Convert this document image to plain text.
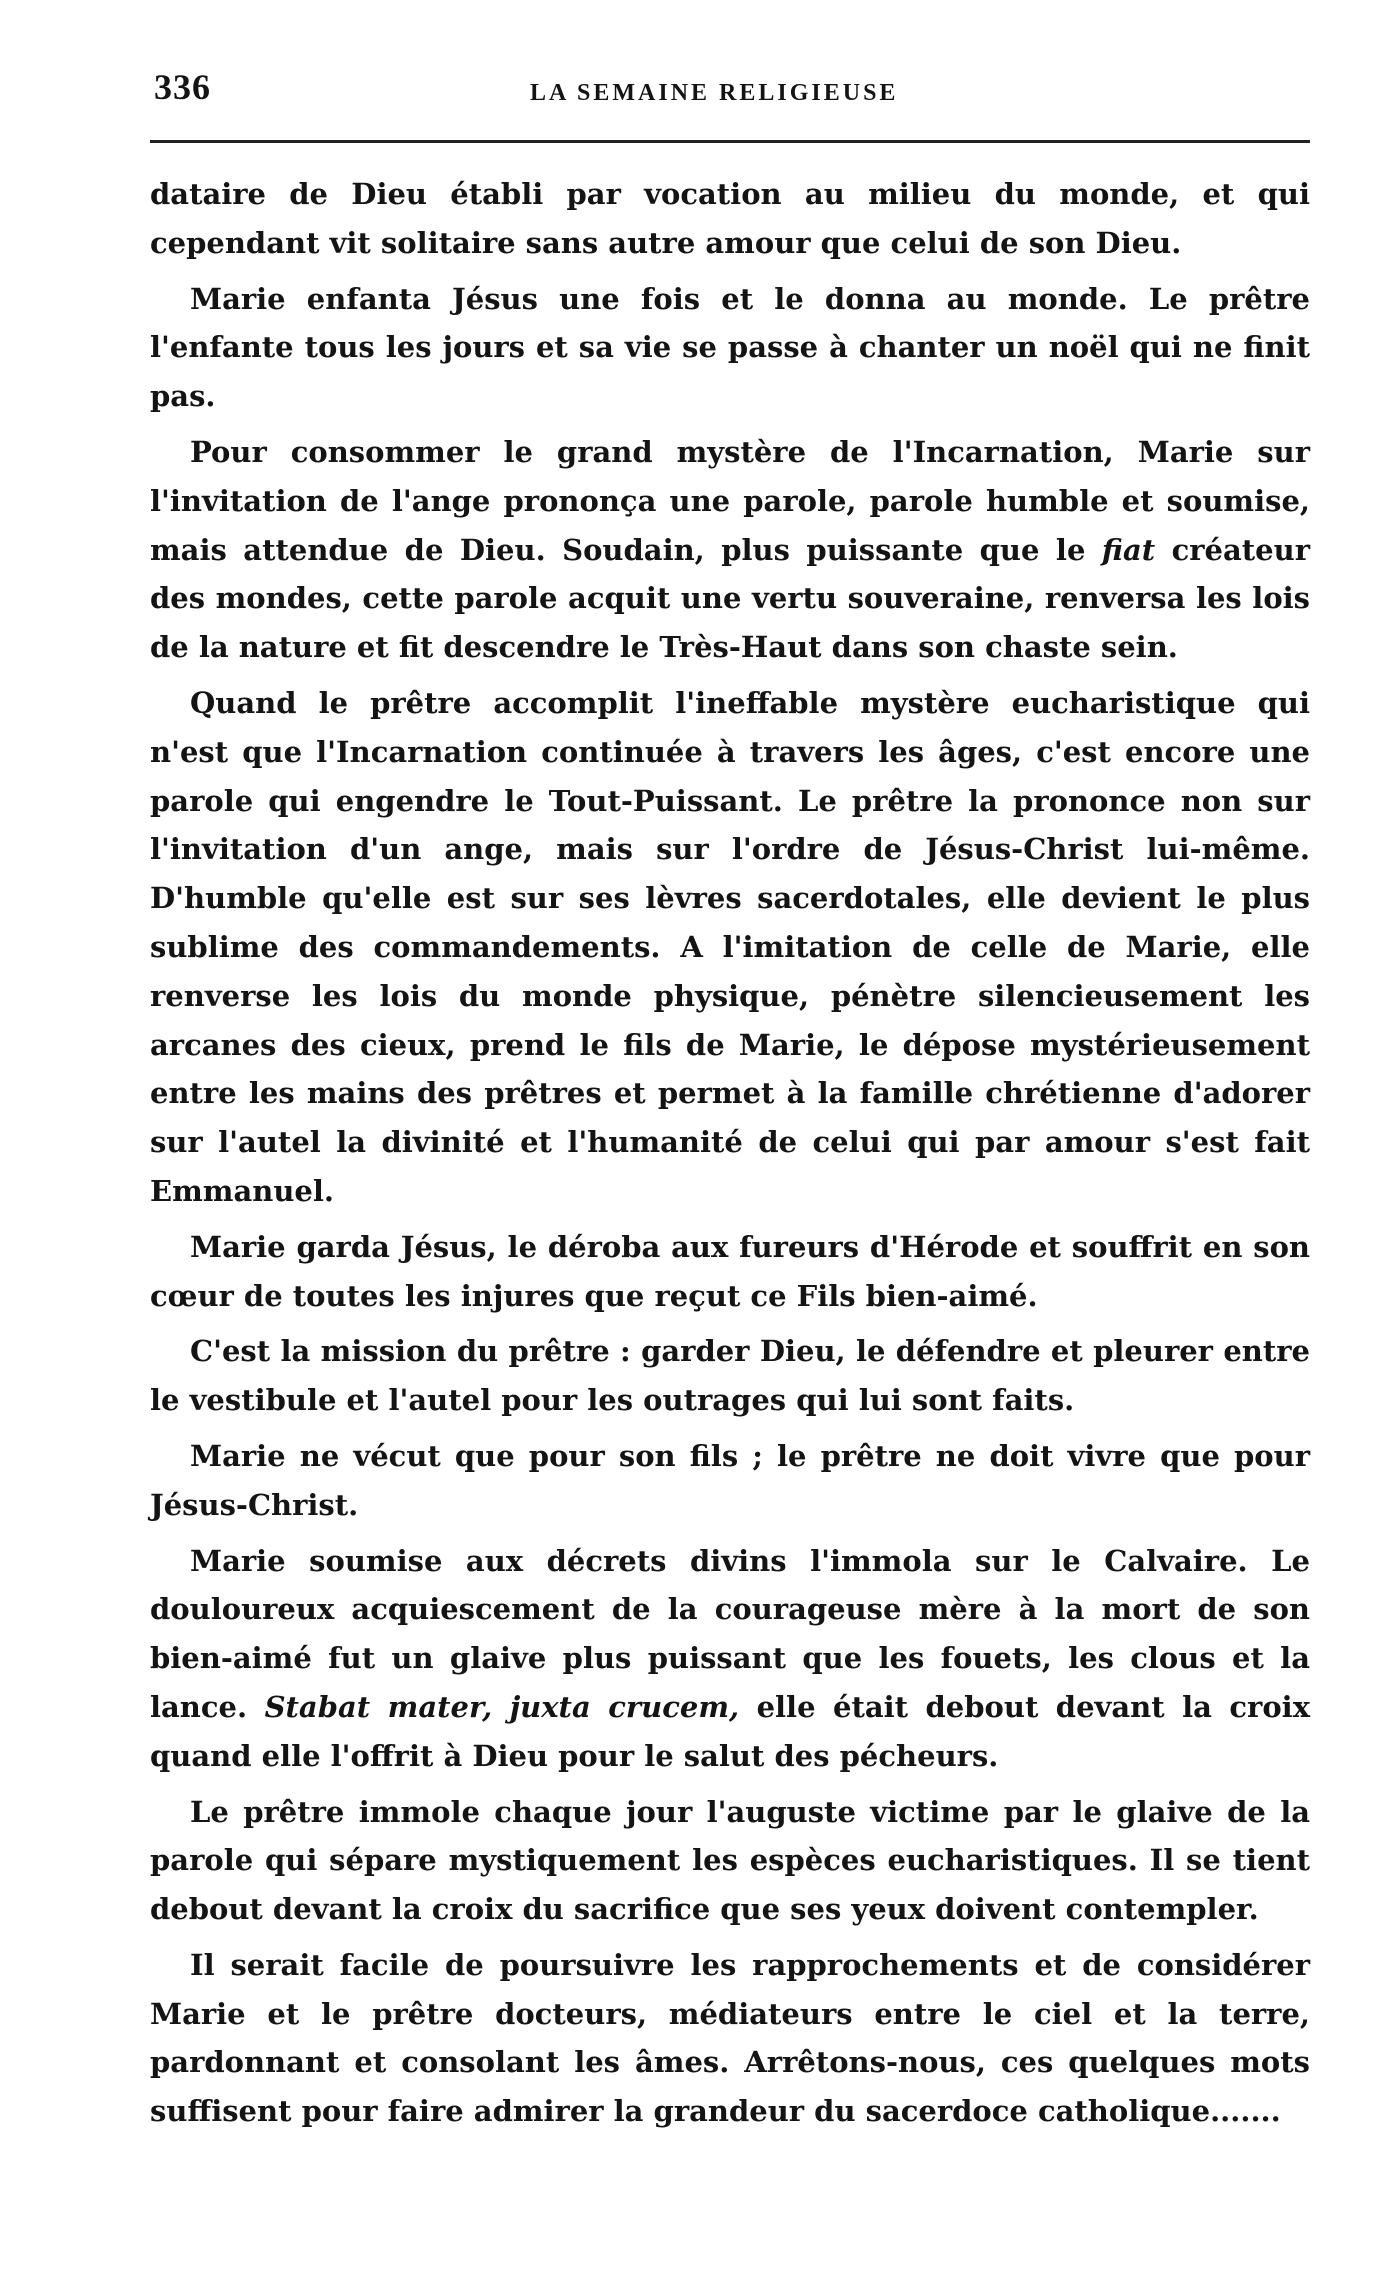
336	LA SEMAINE RELIGIEUSE

dataire de Dieu établi par vocation au milieu du monde, et qui cependant vit solitaire sans autre amour que celui de son Dieu.

Marie enfanta Jésus une fois et le donna au monde. Le prêtre l'enfante tous les jours et sa vie se passe à chanter un noël qui ne finit pas.

Pour consommer le grand mystère de l'Incarnation, Marie sur l'invitation de l'ange prononça une parole, parole humble et soumise, mais attendue de Dieu. Soudain, plus puissante que le fiat créateur des mondes, cette parole acquit une vertu souveraine, renversa les lois de la nature et fit descendre le Très-Haut dans son chaste sein.

Quand le prêtre accomplit l'ineffable mystère eucharistique qui n'est que l'Incarnation continuée à travers les âges, c'est encore une parole qui engendre le Tout-Puissant. Le prêtre la prononce non sur l'invitation d'un ange, mais sur l'ordre de Jésus-Christ lui-même. D'humble qu'elle est sur ses lèvres sacerdotales, elle devient le plus sublime des commandements. A l'imitation de celle de Marie, elle renverse les lois du monde physique, pénètre silencieusement les arcanes des cieux, prend le fils de Marie, le dépose mystérieusement entre les mains des prêtres et permet à la famille chrétienne d'adorer sur l'autel la divinité et l'humanité de celui qui par amour s'est fait Emmanuel.

Marie garda Jésus, le déroba aux fureurs d'Hérode et souffrit en son cœur de toutes les injures que reçut ce Fils bien-aimé.

C'est la mission du prêtre : garder Dieu, le défendre et pleurer entre le vestibule et l'autel pour les outrages qui lui sont faits.

Marie ne vécut que pour son fils ; le prêtre ne doit vivre que pour Jésus-Christ.

Marie soumise aux décrets divins l'immola sur le Calvaire. Le douloureux acquiescement de la courageuse mère à la mort de son bien-aimé fut un glaive plus puissant que les fouets, les clous et la lance. Stabat mater, juxta crucem, elle était debout devant la croix quand elle l'offrit à Dieu pour le salut des pécheurs.

Le prêtre immole chaque jour l'auguste victime par le glaive de la parole qui sépare mystiquement les espèces eucharistiques. Il se tient debout devant la croix du sacrifice que ses yeux doivent contempler.

Il serait facile de poursuivre les rapprochements et de considérer Marie et le prêtre docteurs, médiateurs entre le ciel et la terre, pardonnant et consolant les âmes. Arrêtons-nous, ces quelques mots suffisent pour faire admirer la grandeur du sacerdoce catholique.......
